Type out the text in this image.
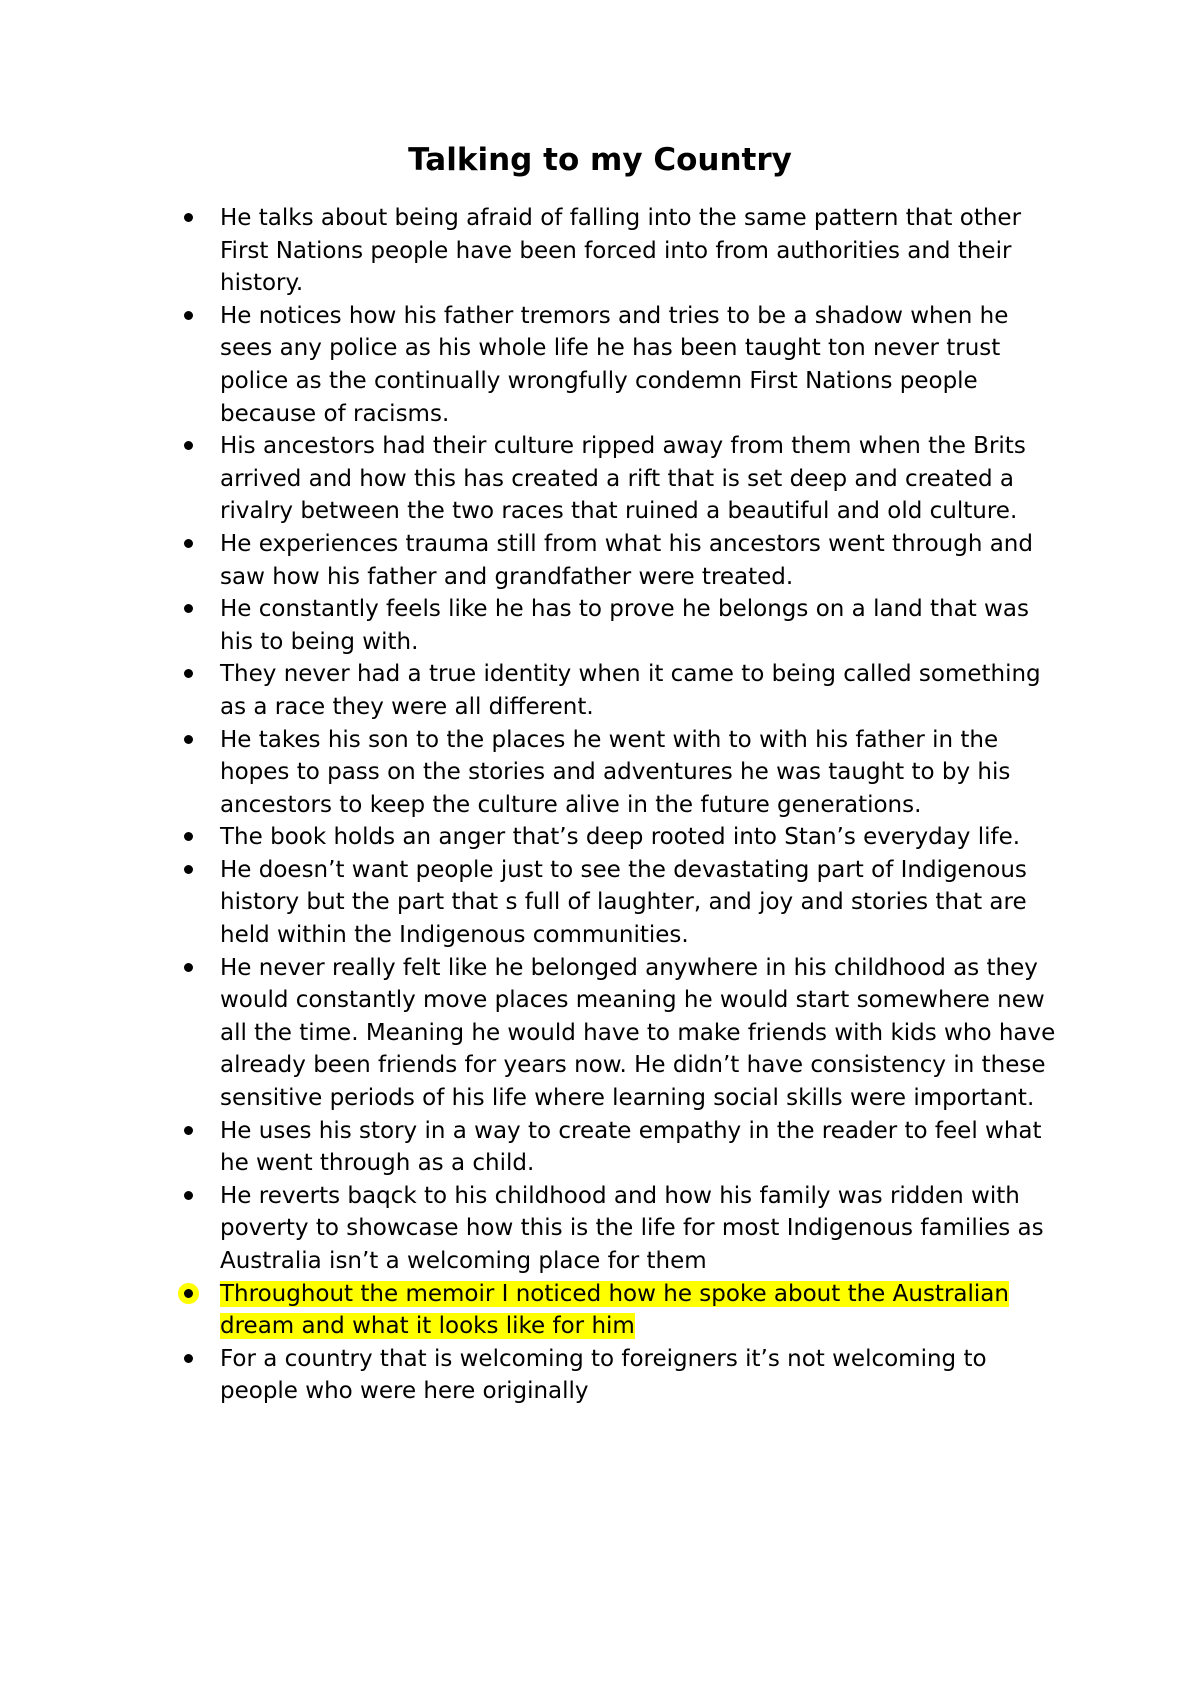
Talking to my Country
He talks about being afraid of falling into the same pattern that other First Nations people have been forced into from authorities and their history.
He notices how his father tremors and tries to be a shadow when he sees any police as his whole life he has been taught ton never trust police as the continually wrongfully condemn First Nations people because of racisms.
His ancestors had their culture ripped away from them when the Brits arrived and how this has created a rift that is set deep and created a rivalry between the two races that ruined a beautiful and old culture.
He experiences trauma still from what his ancestors went through and saw how his father and grandfather were treated.
He constantly feels like he has to prove he belongs on a land that was his to being with.
They never had a true identity when it came to being called something as a race they were all different.
He takes his son to the places he went with to with his father in the hopes to pass on the stories and adventures he was taught to by his ancestors to keep the culture alive in the future generations.
The book holds an anger that’s deep rooted into Stan’s everyday life.
He doesn’t want people just to see the devastating part of Indigenous history but the part that s full of laughter, and joy and stories that are held within the Indigenous communities.
He never really felt like he belonged anywhere in his childhood as they would constantly move places meaning he would start somewhere new all the time. Meaning he would have to make friends with kids who have already been friends for years now. He didn’t have consistency in these sensitive periods of his life where learning social skills were important.
He uses his story in a way to create empathy in the reader to feel what he went through as a child.
He reverts baqck to his childhood and how his family was ridden with poverty to showcase how this is the life for most Indigenous families as Australia isn’t a welcoming place for them
Throughout the memoir I noticed how he spoke about the Australian dream and what it looks like for him
For a country that is welcoming to foreigners it’s not welcoming to people who were here originally
